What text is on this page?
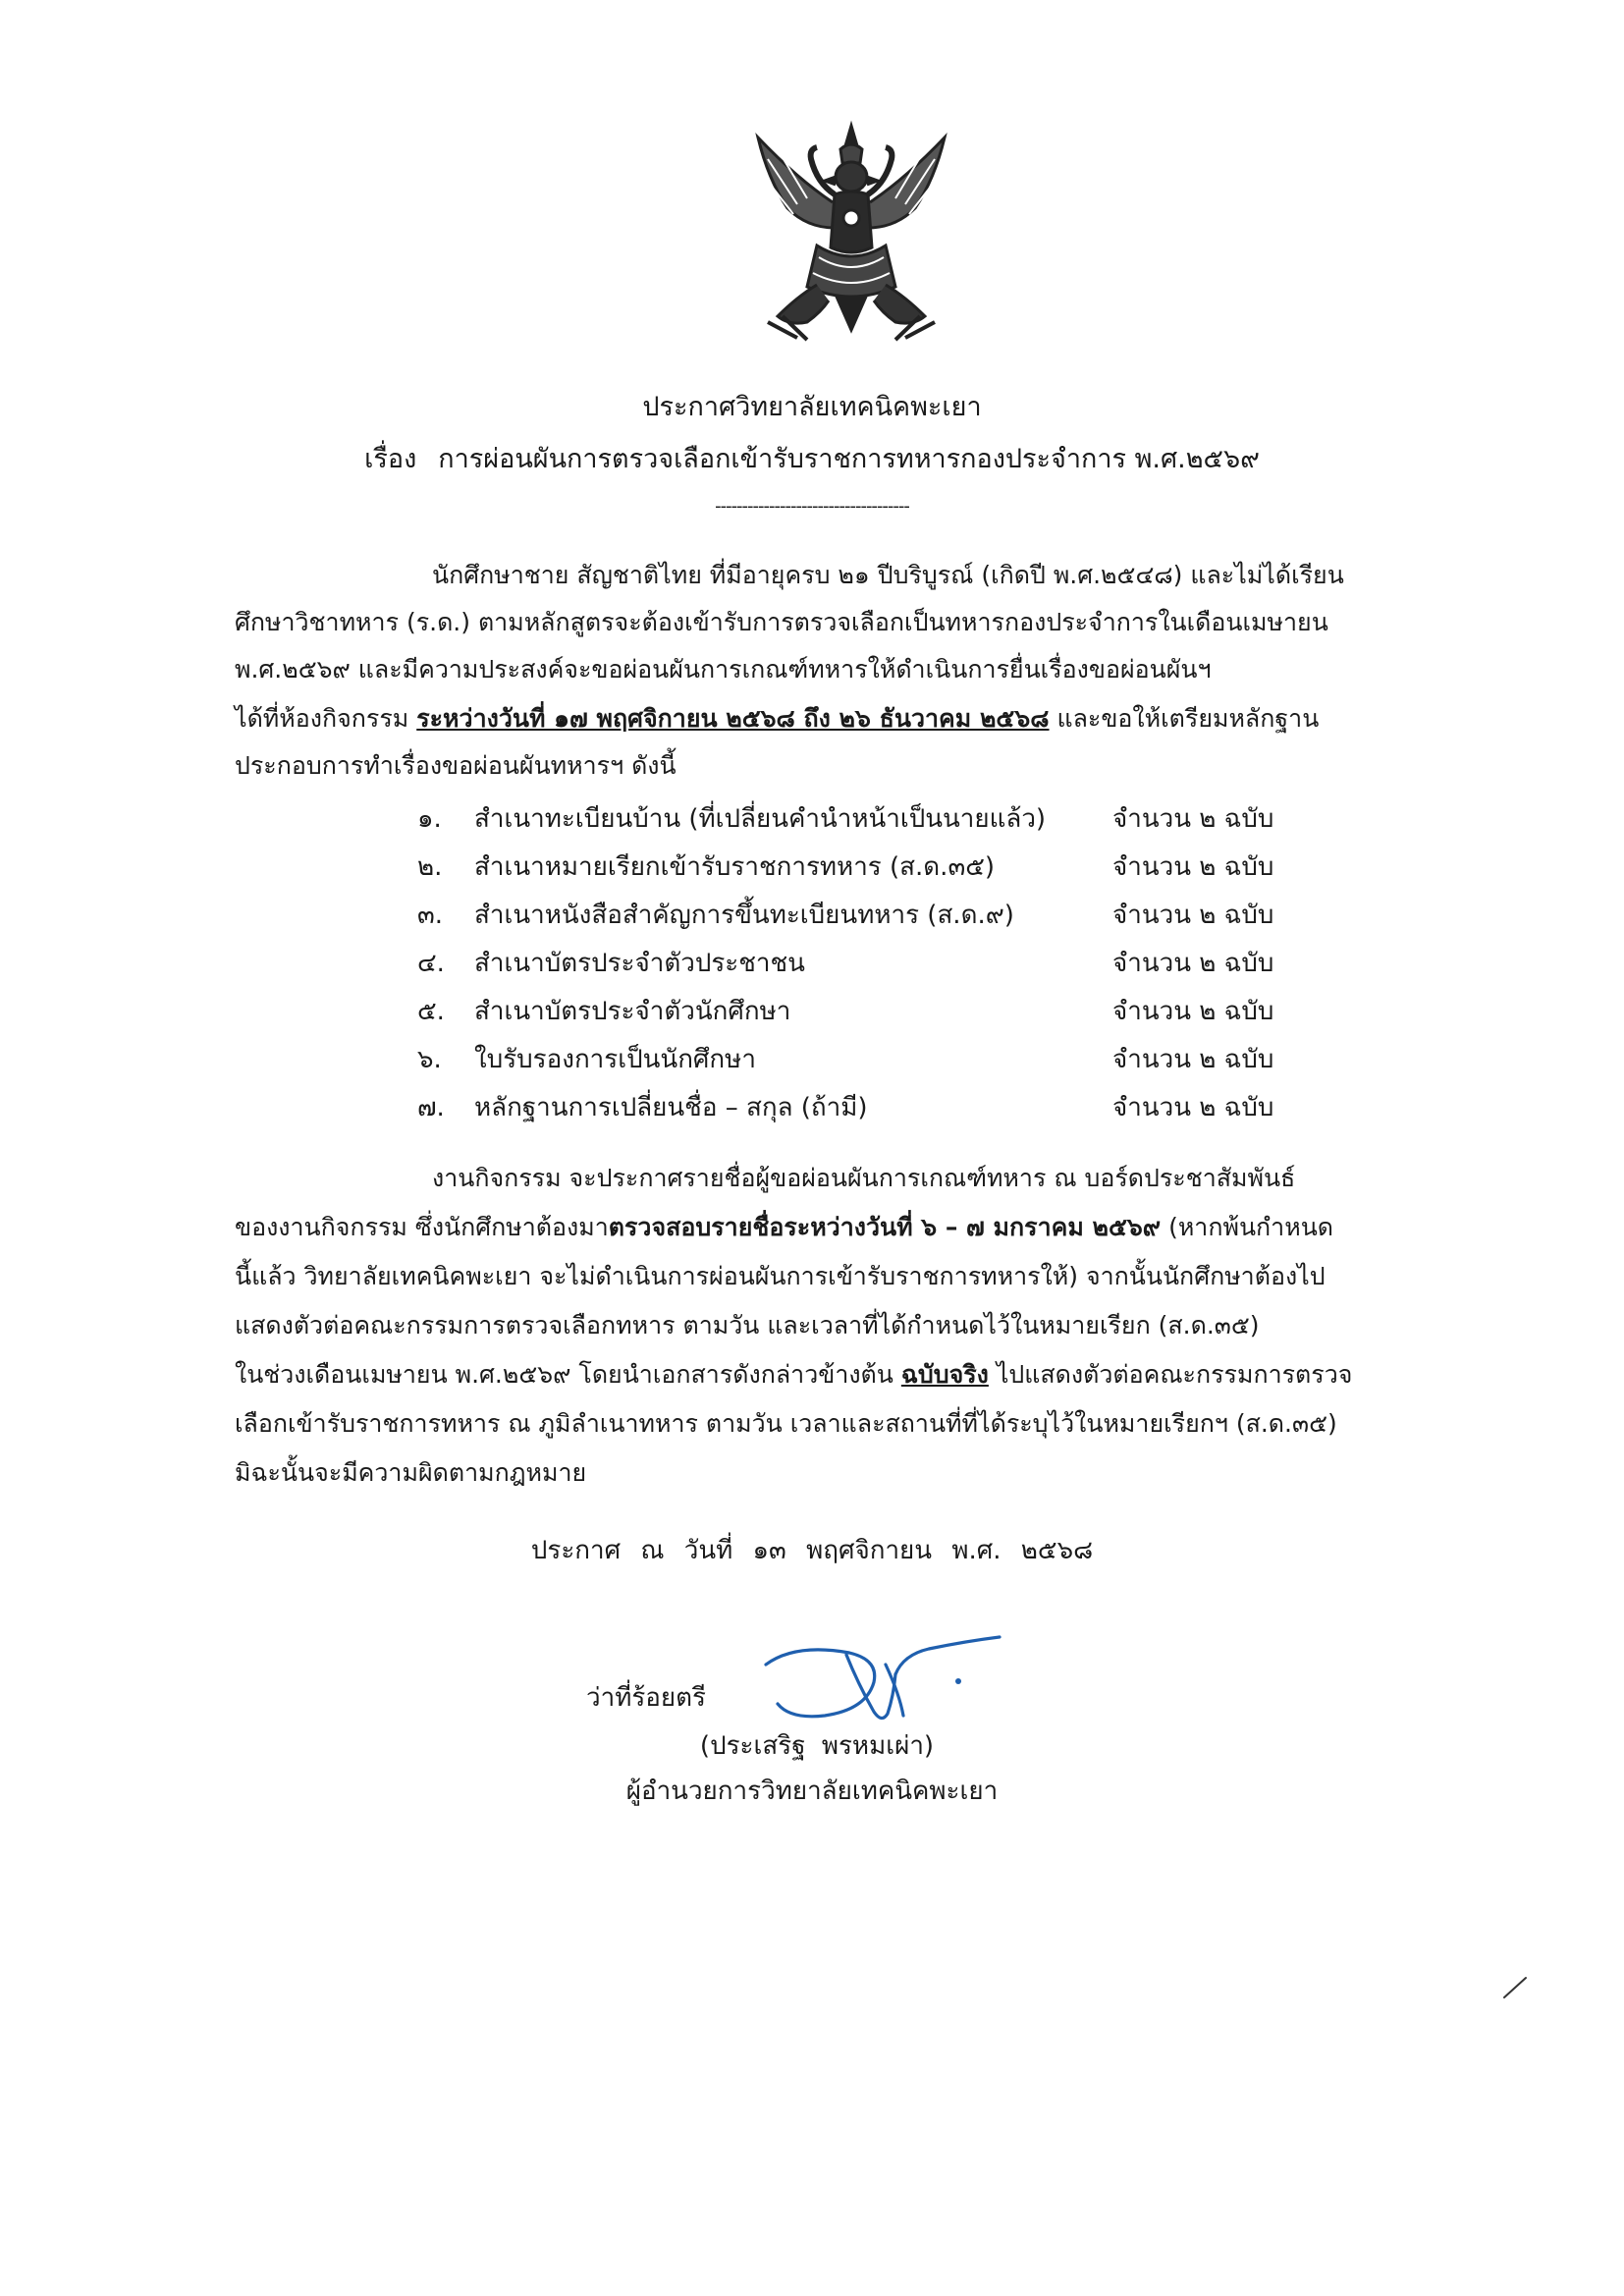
ประกาศวิทยาลัยเทคนิคพะเยา
เรื่อง การผ่อนผันการตรวจเลือกเข้ารับราชการทหารกองประจำการ พ.ศ.๒๕๖๙
------------------------------------
นักศึกษาชาย สัญชาติไทย ที่มีอายุครบ ๒๑ ปีบริบูรณ์ (เกิดปี พ.ศ.๒๕๔๘) และไม่ได้เรียน
ศึกษาวิชาทหาร (ร.ด.) ตามหลักสูตรจะต้องเข้ารับการตรวจเลือกเป็นทหารกองประจำการในเดือนเมษายน
พ.ศ.๒๕๖๙ และมีความประสงค์จะขอผ่อนผันการเกณฑ์ทหารให้ดำเนินการยื่นเรื่องขอผ่อนผันฯ
ได้ที่ห้องกิจกรรม ระหว่างวันที่ ๑๗ พฤศจิกายน ๒๕๖๘ ถึง ๒๖ ธันวาคม ๒๕๖๘ และขอให้เตรียมหลักฐาน
ประกอบการทำเรื่องขอผ่อนผันทหารฯ ดังนี้
๑. สำเนาทะเบียนบ้าน (ที่เปลี่ยนคำนำหน้าเป็นนายแล้ว)	จำนวน ๒ ฉบับ
๒. สำเนาหมายเรียกเข้ารับราชการทหาร (ส.ด.๓๕)	จำนวน ๒ ฉบับ
๓. สำเนาหนังสือสำคัญการขึ้นทะเบียนทหาร (ส.ด.๙)	จำนวน ๒ ฉบับ
๔. สำเนาบัตรประจำตัวประชาชน	จำนวน ๒ ฉบับ
๕. สำเนาบัตรประจำตัวนักศึกษา	จำนวน ๒ ฉบับ
๖. ใบรับรองการเป็นนักศึกษา	จำนวน ๒ ฉบับ
๗. หลักฐานการเปลี่ยนชื่อ – สกุล (ถ้ามี)	จำนวน ๒ ฉบับ
งานกิจกรรม จะประกาศรายชื่อผู้ขอผ่อนผันการเกณฑ์ทหาร ณ บอร์ดประชาสัมพันธ์
ของงานกิจกรรม ซึ่งนักศึกษาต้องมาตรวจสอบรายชื่อระหว่างวันที่ ๖ – ๗ มกราคม ๒๕๖๙ (หากพ้นกำหนด
นี้แล้ว วิทยาลัยเทคนิคพะเยา จะไม่ดำเนินการผ่อนผันการเข้ารับราชการทหารให้) จากนั้นนักศึกษาต้องไป
แสดงตัวต่อคณะกรรมการตรวจเลือกทหาร ตามวัน และเวลาที่ได้กำหนดไว้ในหมายเรียก (ส.ด.๓๕)
ในช่วงเดือนเมษายน พ.ศ.๒๕๖๙ โดยนำเอกสารดังกล่าวข้างต้น ฉบับจริง ไปแสดงตัวต่อคณะกรรมการตรวจ
เลือกเข้ารับราชการทหาร ณ ภูมิลำเนาทหาร ตามวัน เวลาและสถานที่ที่ได้ระบุไว้ในหมายเรียกฯ (ส.ด.๓๕)
มิฉะนั้นจะมีความผิดตามกฎหมาย
ประกาศ ณ วันที่ ๑๓ พฤศจิกายน พ.ศ. ๒๕๖๘
ว่าที่ร้อยตรี
(ประเสริฐ พรหมเผ่า)
ผู้อำนวยการวิทยาลัยเทคนิคพะเยา
